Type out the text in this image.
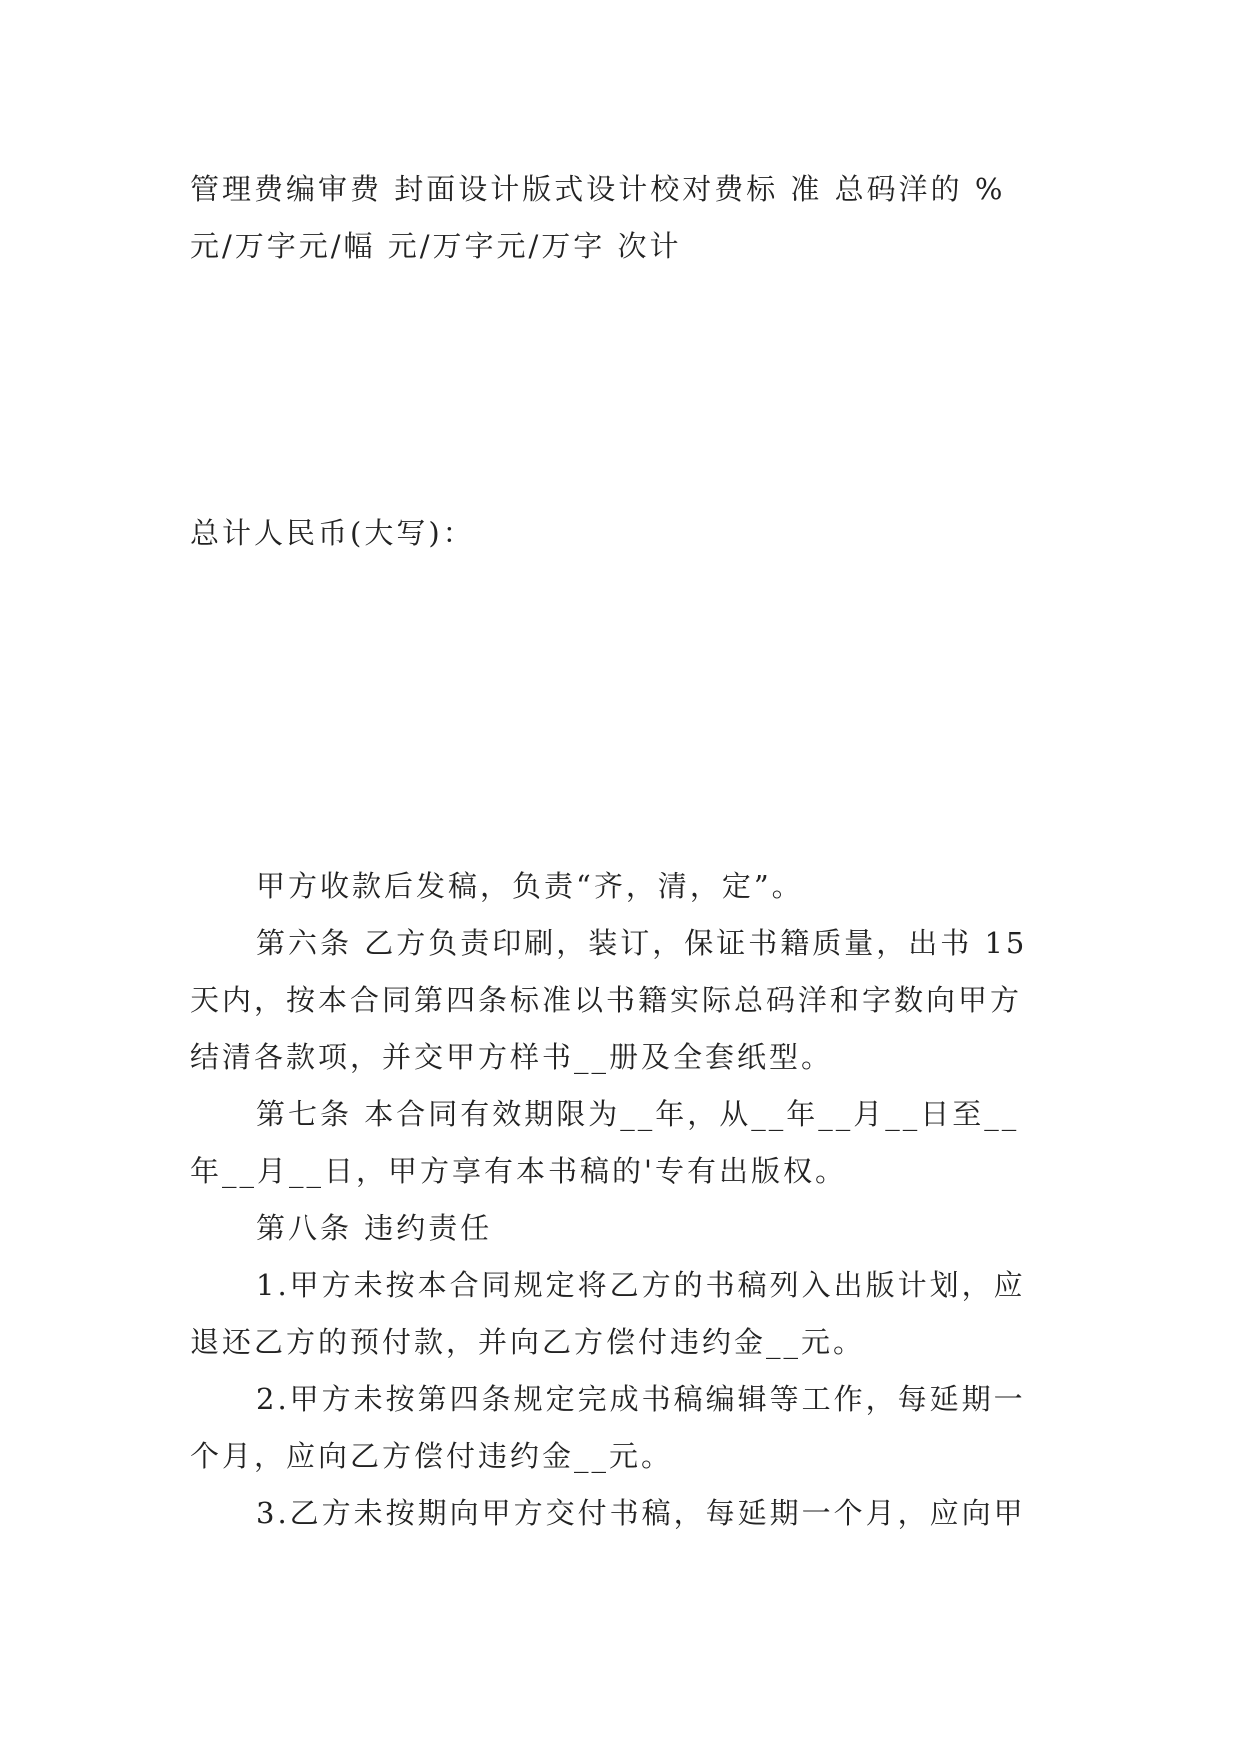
管理费编审费 封面设计版式设计校对费标 准 总码洋的 %
元/万字元/幅 元/万字元/万字 次计
总计人民币(大写)：
甲方收款后发稿，负责“齐，清，定”。
第六条 乙方负责印刷，装订，保证书籍质量，出书 15
天内，按本合同第四条标准以书籍实际总码洋和字数向甲方
结清各款项，并交甲方样书__册及全套纸型。
第七条 本合同有效期限为__年，从__年__月__日至__
年__月__日，甲方享有本书稿的'专有出版权。
第八条 违约责任
1.甲方未按本合同规定将乙方的书稿列入出版计划，应
退还乙方的预付款，并向乙方偿付违约金__元。
2.甲方未按第四条规定完成书稿编辑等工作，每延期一
个月，应向乙方偿付违约金__元。
3.乙方未按期向甲方交付书稿，每延期一个月，应向甲
